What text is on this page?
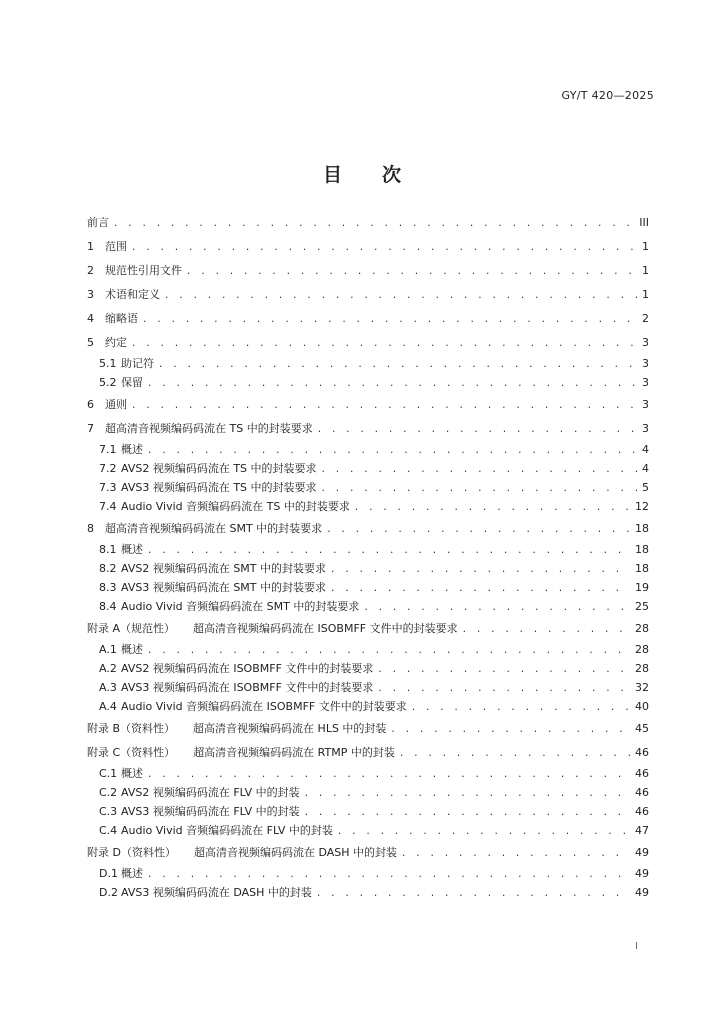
GY/T 420—2025
目 次
前言 . . .	III
1	范围 . . .	1
2	规范性引用文件 . . .	1
3	术语和定义 . . .	1
4	缩略语 . . .	2
5	约定 . . .	3
5.1 助记符 . . .	3
5.2 保留 . . .	3
6	通则 . . .	3
7	超高清音视频编码码流在 TS 中的封装要求 . . .	3
7.1 概述 . . .	4
7.2 AVS2 视频编码码流在 TS 中的封装要求 . . .	4
7.3 AVS3 视频编码码流在 TS 中的封装要求 . . .	5
7.4 Audio Vivid 音频编码码流在 TS 中的封装要求 . . .	12
8	超高清音视频编码码流在 SMT 中的封装要求 . . .	18
8.1 概述 . . .	18
8.2 AVS2 视频编码码流在 SMT 中的封装要求 . . .	18
8.3 AVS3 视频编码码流在 SMT 中的封装要求 . . .	19
8.4 Audio Vivid 音频编码码流在 SMT 中的封装要求 . . .	25
附录 A（规范性） 超高清音视频编码码流在 ISOBMFF 文件中的封装要求 . . .	28
A.1 概述 . . .	28
A.2 AVS2 视频编码码流在 ISOBMFF 文件中的封装要求 . . .	28
A.3 AVS3 视频编码码流在 ISOBMFF 文件中的封装要求 . . .	32
A.4 Audio Vivid 音频编码码流在 ISOBMFF 文件中的封装要求 . . .	40
附录 B（资料性） 超高清音视频编码码流在 HLS 中的封装 . . .	45
附录 C（资料性） 超高清音视频编码码流在 RTMP 中的封装 . . .	46
C.1 概述 . . .	46
C.2 AVS2 视频编码码流在 FLV 中的封装 . . .	46
C.3 AVS3 视频编码码流在 FLV 中的封装 . . .	46
C.4 Audio Vivid 音频编码码流在 FLV 中的封装 . . .	47
附录 D（资料性） 超高清音视频编码码流在 DASH 中的封装 . . .	49
D.1 概述 . . .	49
D.2 AVS3 视频编码码流在 DASH 中的封装 . . .	49
I
